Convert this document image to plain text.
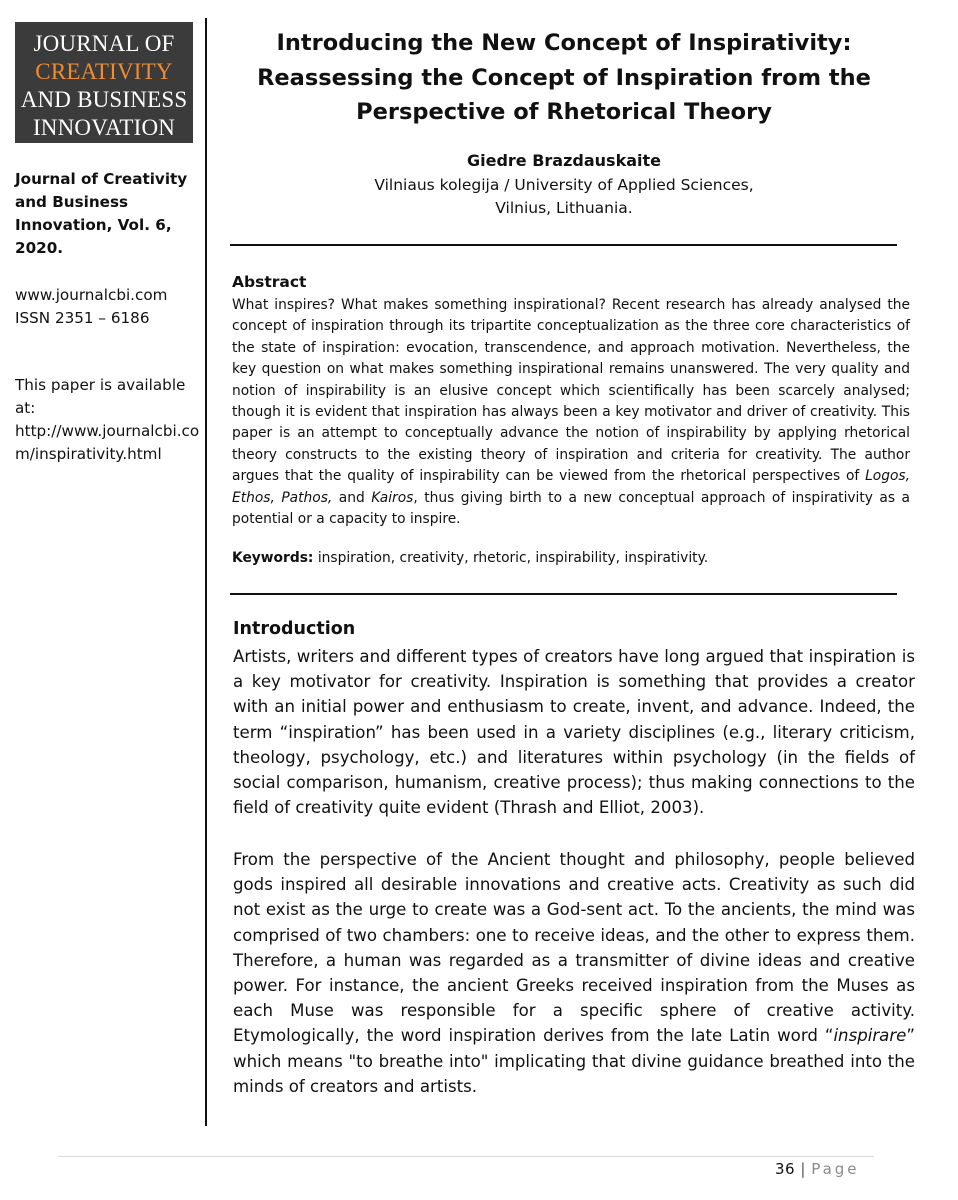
JOURNAL OF
CREATIVITY
AND BUSINESS
INNOVATION
Journal of Creativity
and Business
Innovation, Vol. 6,
2020.
www.journalcbi.com
ISSN 2351 – 6186
This paper is available at:
http://www.journalcbi.co
m/inspirativity.html
Introducing the New Concept of Inspirativity: Reassessing the Concept of Inspiration from the Perspective of Rhetorical Theory
Giedre Brazdauskaite
Vilniaus kolegija / University of Applied Sciences,
Vilnius, Lithuania.
Abstract
What inspires? What makes something inspirational? Recent research has already analysed the concept of inspiration through its tripartite conceptualization as the three core characteristics of the state of inspiration: evocation, transcendence, and approach motivation. Nevertheless, the key question on what makes something inspirational remains unanswered. The very quality and notion of inspirability is an elusive concept which scientifically has been scarcely analysed; though it is evident that inspiration has always been a key motivator and driver of creativity. This paper is an attempt to conceptually advance the notion of inspirability by applying rhetorical theory constructs to the existing theory of inspiration and criteria for creativity. The author argues that the quality of inspirability can be viewed from the rhetorical perspectives of Logos, Ethos, Pathos, and Kairos, thus giving birth to a new conceptual approach of inspirativity as a potential or a capacity to inspire.
Keywords: inspiration, creativity, rhetoric, inspirability, inspirativity.
Introduction
Artists, writers and different types of creators have long argued that inspiration is a key motivator for creativity. Inspiration is something that provides a creator with an initial power and enthusiasm to create, invent, and advance. Indeed, the term “inspiration” has been used in a variety disciplines (e.g., literary criticism, theology, psychology, etc.) and literatures within psychology (in the fields of social comparison, humanism, creative process); thus making connections to the field of creativity quite evident (Thrash and Elliot, 2003).
From the perspective of the Ancient thought and philosophy, people believed gods inspired all desirable innovations and creative acts. Creativity as such did not exist as the urge to create was a God-sent act. To the ancients, the mind was comprised of two chambers: one to receive ideas, and the other to express them. Therefore, a human was regarded as a transmitter of divine ideas and creative power. For instance, the ancient Greeks received inspiration from the Muses as each Muse was responsible for a specific sphere of creative activity. Etymologically, the word inspiration derives from the late Latin word “inspirare” which means "to breathe into" implicating that divine guidance breathed into the minds of creators and artists.
36 | Page
